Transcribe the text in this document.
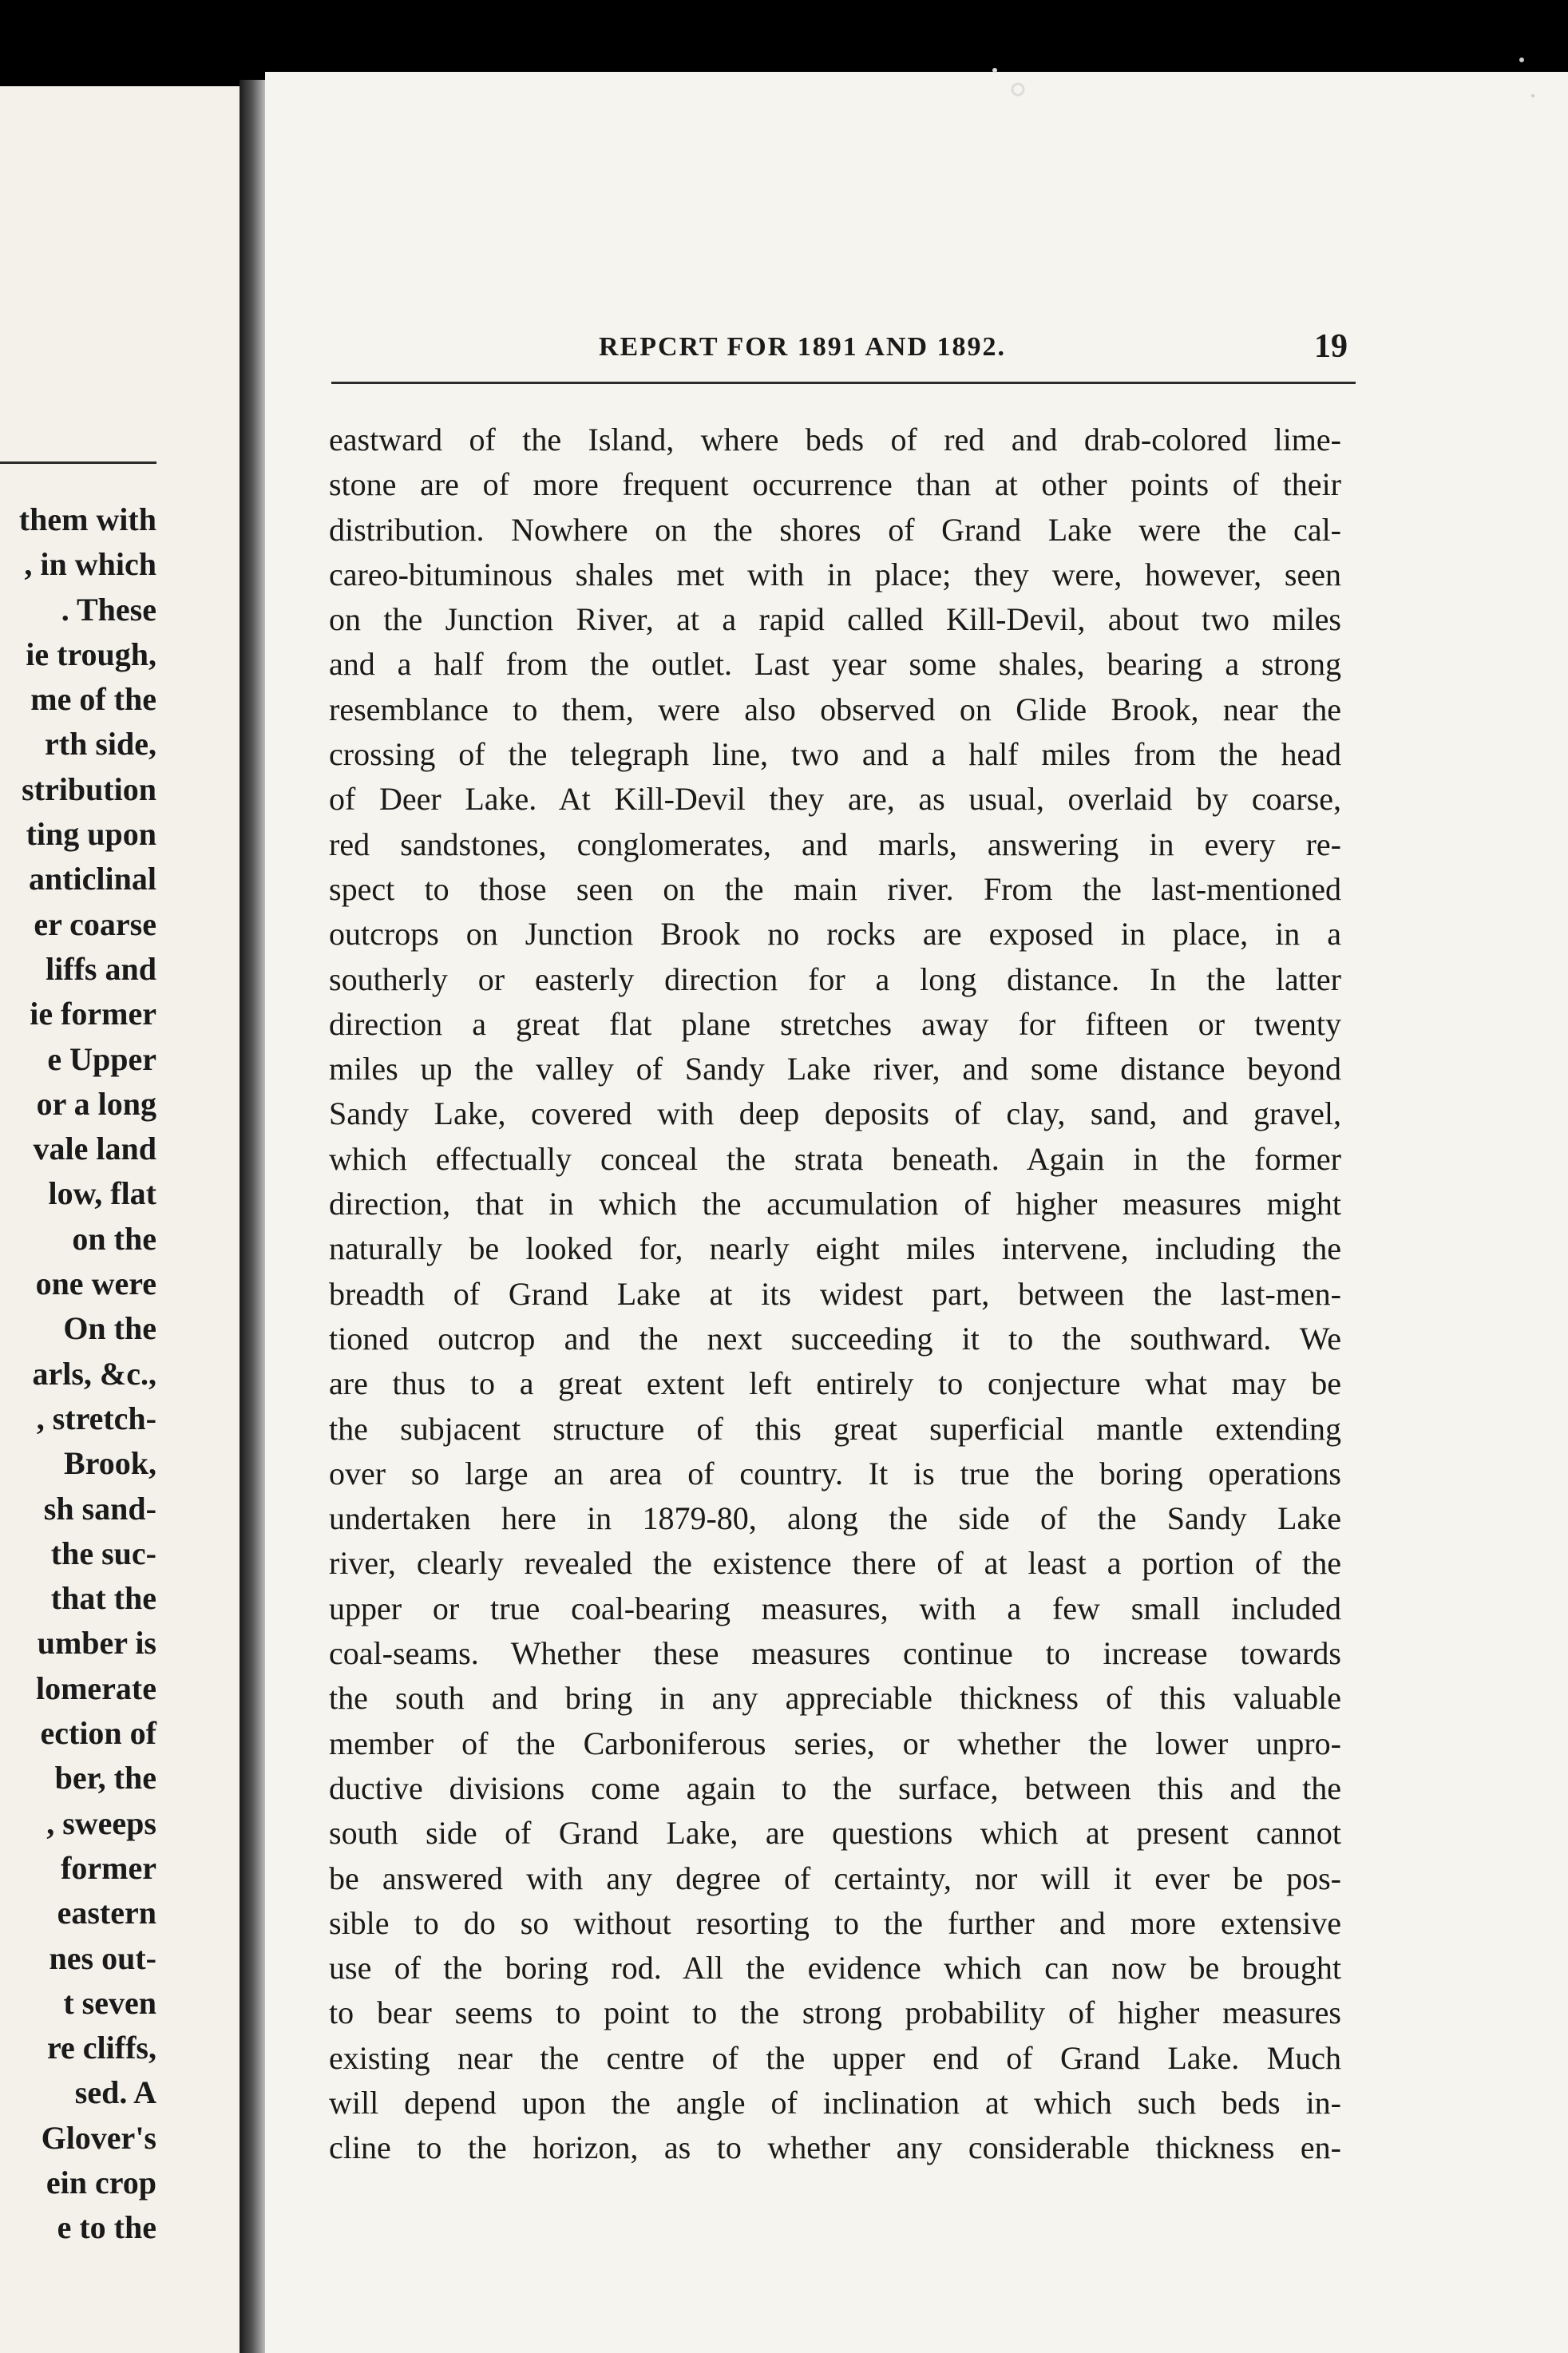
them with
, in which
. These
ie trough,
me of the
rth side,
stribution
ting upon
anticlinal
er coarse
liffs and
ie former
e Upper
or a long
vale land
low, flat
on the
one were
On the
arls, &c.,
, stretch-
Brook,
sh sand-
the suc-
that the
umber is
lomerate
ection of
ber, the
, sweeps
former
eastern
nes out-
t seven
re cliffs,
sed. A
Glover's
ein crop
e to the
REPCRT FOR 1891 AND 1892.	19
eastward of the Island, where beds of red and drab-colored lime-
stone are of more frequent occurrence than at other points of their
distribution. Nowhere on the shores of Grand Lake were the cal-
careo-bituminous shales met with in place; they were, however, seen
on the Junction River, at a rapid called Kill-Devil, about two miles
and a half from the outlet. Last year some shales, bearing a strong
resemblance to them, were also observed on Glide Brook, near the
crossing of the telegraph line, two and a half miles from the head
of Deer Lake. At Kill-Devil they are, as usual, overlaid by coarse,
red sandstones, conglomerates, and marls, answering in every re-
spect to those seen on the main river. From the last-mentioned
outcrops on Junction Brook no rocks are exposed in place, in a
southerly or easterly direction for a long distance. In the latter
direction a great flat plane stretches away for fifteen or twenty
miles up the valley of Sandy Lake river, and some distance beyond
Sandy Lake, covered with deep deposits of clay, sand, and gravel,
which effectually conceal the strata beneath. Again in the former
direction, that in which the accumulation of higher measures might
naturally be looked for, nearly eight miles intervene, including the
breadth of Grand Lake at its widest part, between the last-men-
tioned outcrop and the next succeeding it to the southward. We
are thus to a great extent left entirely to conjecture what may be
the subjacent structure of this great superficial mantle extending
over so large an area of country. It is true the boring operations
undertaken here in 1879-80, along the side of the Sandy Lake
river, clearly revealed the existence there of at least a portion of the
upper or true coal-bearing measures, with a few small included
coal-seams. Whether these measures continue to increase towards
the south and bring in any appreciable thickness of this valuable
member of the Carboniferous series, or whether the lower unpro-
ductive divisions come again to the surface, between this and the
south side of Grand Lake, are questions which at present cannot
be answered with any degree of certainty, nor will it ever be pos-
sible to do so without resorting to the further and more extensive
use of the boring rod. All the evidence which can now be brought
to bear seems to point to the strong probability of higher measures
existing near the centre of the upper end of Grand Lake. Much
will depend upon the angle of inclination at which such beds in-
cline to the horizon, as to whether any considerable thickness en-
